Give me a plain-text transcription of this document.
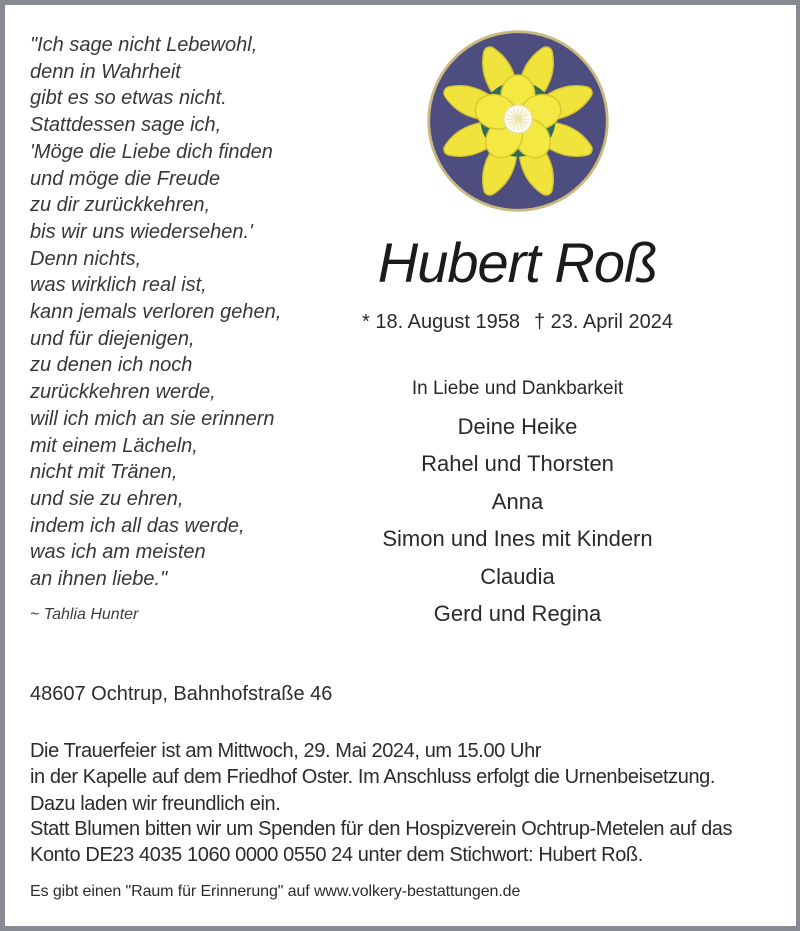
"Ich sage nicht Lebewohl,
denn in Wahrheit
gibt es so etwas nicht.
Stattdessen sage ich,
'Möge die Liebe dich finden
und möge die Freude
zu dir zurückkehren,
bis wir uns wiedersehen.'
Denn nichts,
was wirklich real ist,
kann jemals verloren gehen,
und für diejenigen,
zu denen ich noch
zurückkehren werde,
will ich mich an sie erinnern
mit einem Lächeln,
nicht mit Tränen,
und sie zu ehren,
indem ich all das werde,
was ich am meisten
an ihnen liebe."
~ Tahlia Hunter
Hubert Roß
* 18. August 1958 † 23. April 2024
In Liebe und Dankbarkeit
Deine Heike
Rahel und Thorsten
Anna
Simon und Ines mit Kindern
Claudia
Gerd und Regina
48607 Ochtrup, Bahnhofstraße 46
Die Trauerfeier ist am Mittwoch, 29. Mai 2024, um 15.00 Uhr
in der Kapelle auf dem Friedhof Oster. Im Anschluss erfolgt die Urnenbeisetzung.
Dazu laden wir freundlich ein.
Statt Blumen bitten wir um Spenden für den Hospizverein Ochtrup-Metelen auf das
Konto DE23 4035 1060 0000 0550 24 unter dem Stichwort: Hubert Roß.
Es gibt einen "Raum für Erinnerung" auf www.volkery-bestattungen.de
